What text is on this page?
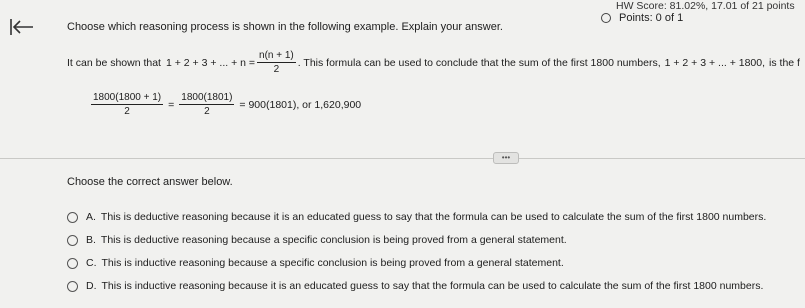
HW Score: 81.02%, 17.01 of 21 points
Points: 0 of 1
Choose which reasoning process is shown in the following example. Explain your answer.
It can be shown that 1 + 2 + 3 + ... + $n = \frac{n(n + 1)}{2}$ . This formula can be used to conclude that the sum of the first 1800 numbers, 1 + 2 + 3 + ... + 1800, is the f
$\frac{1800(1800 + 1)}{2} = \frac{1800(1801)}{2} = 900(1801)$, or 1,620,900
•••
Choose the correct answer below.
A. This is deductive reasoning because it is an educated guess to say that the formula can be used to calculate the sum of the first 1800 numbers.
B. This is deductive reasoning because a specific conclusion is being proved from a general statement.
C. This is inductive reasoning because a specific conclusion is being proved from a general statement.
D. This is inductive reasoning because it is an educated guess to say that the formula can be used to calculate the sum of the first 1800 numbers.
